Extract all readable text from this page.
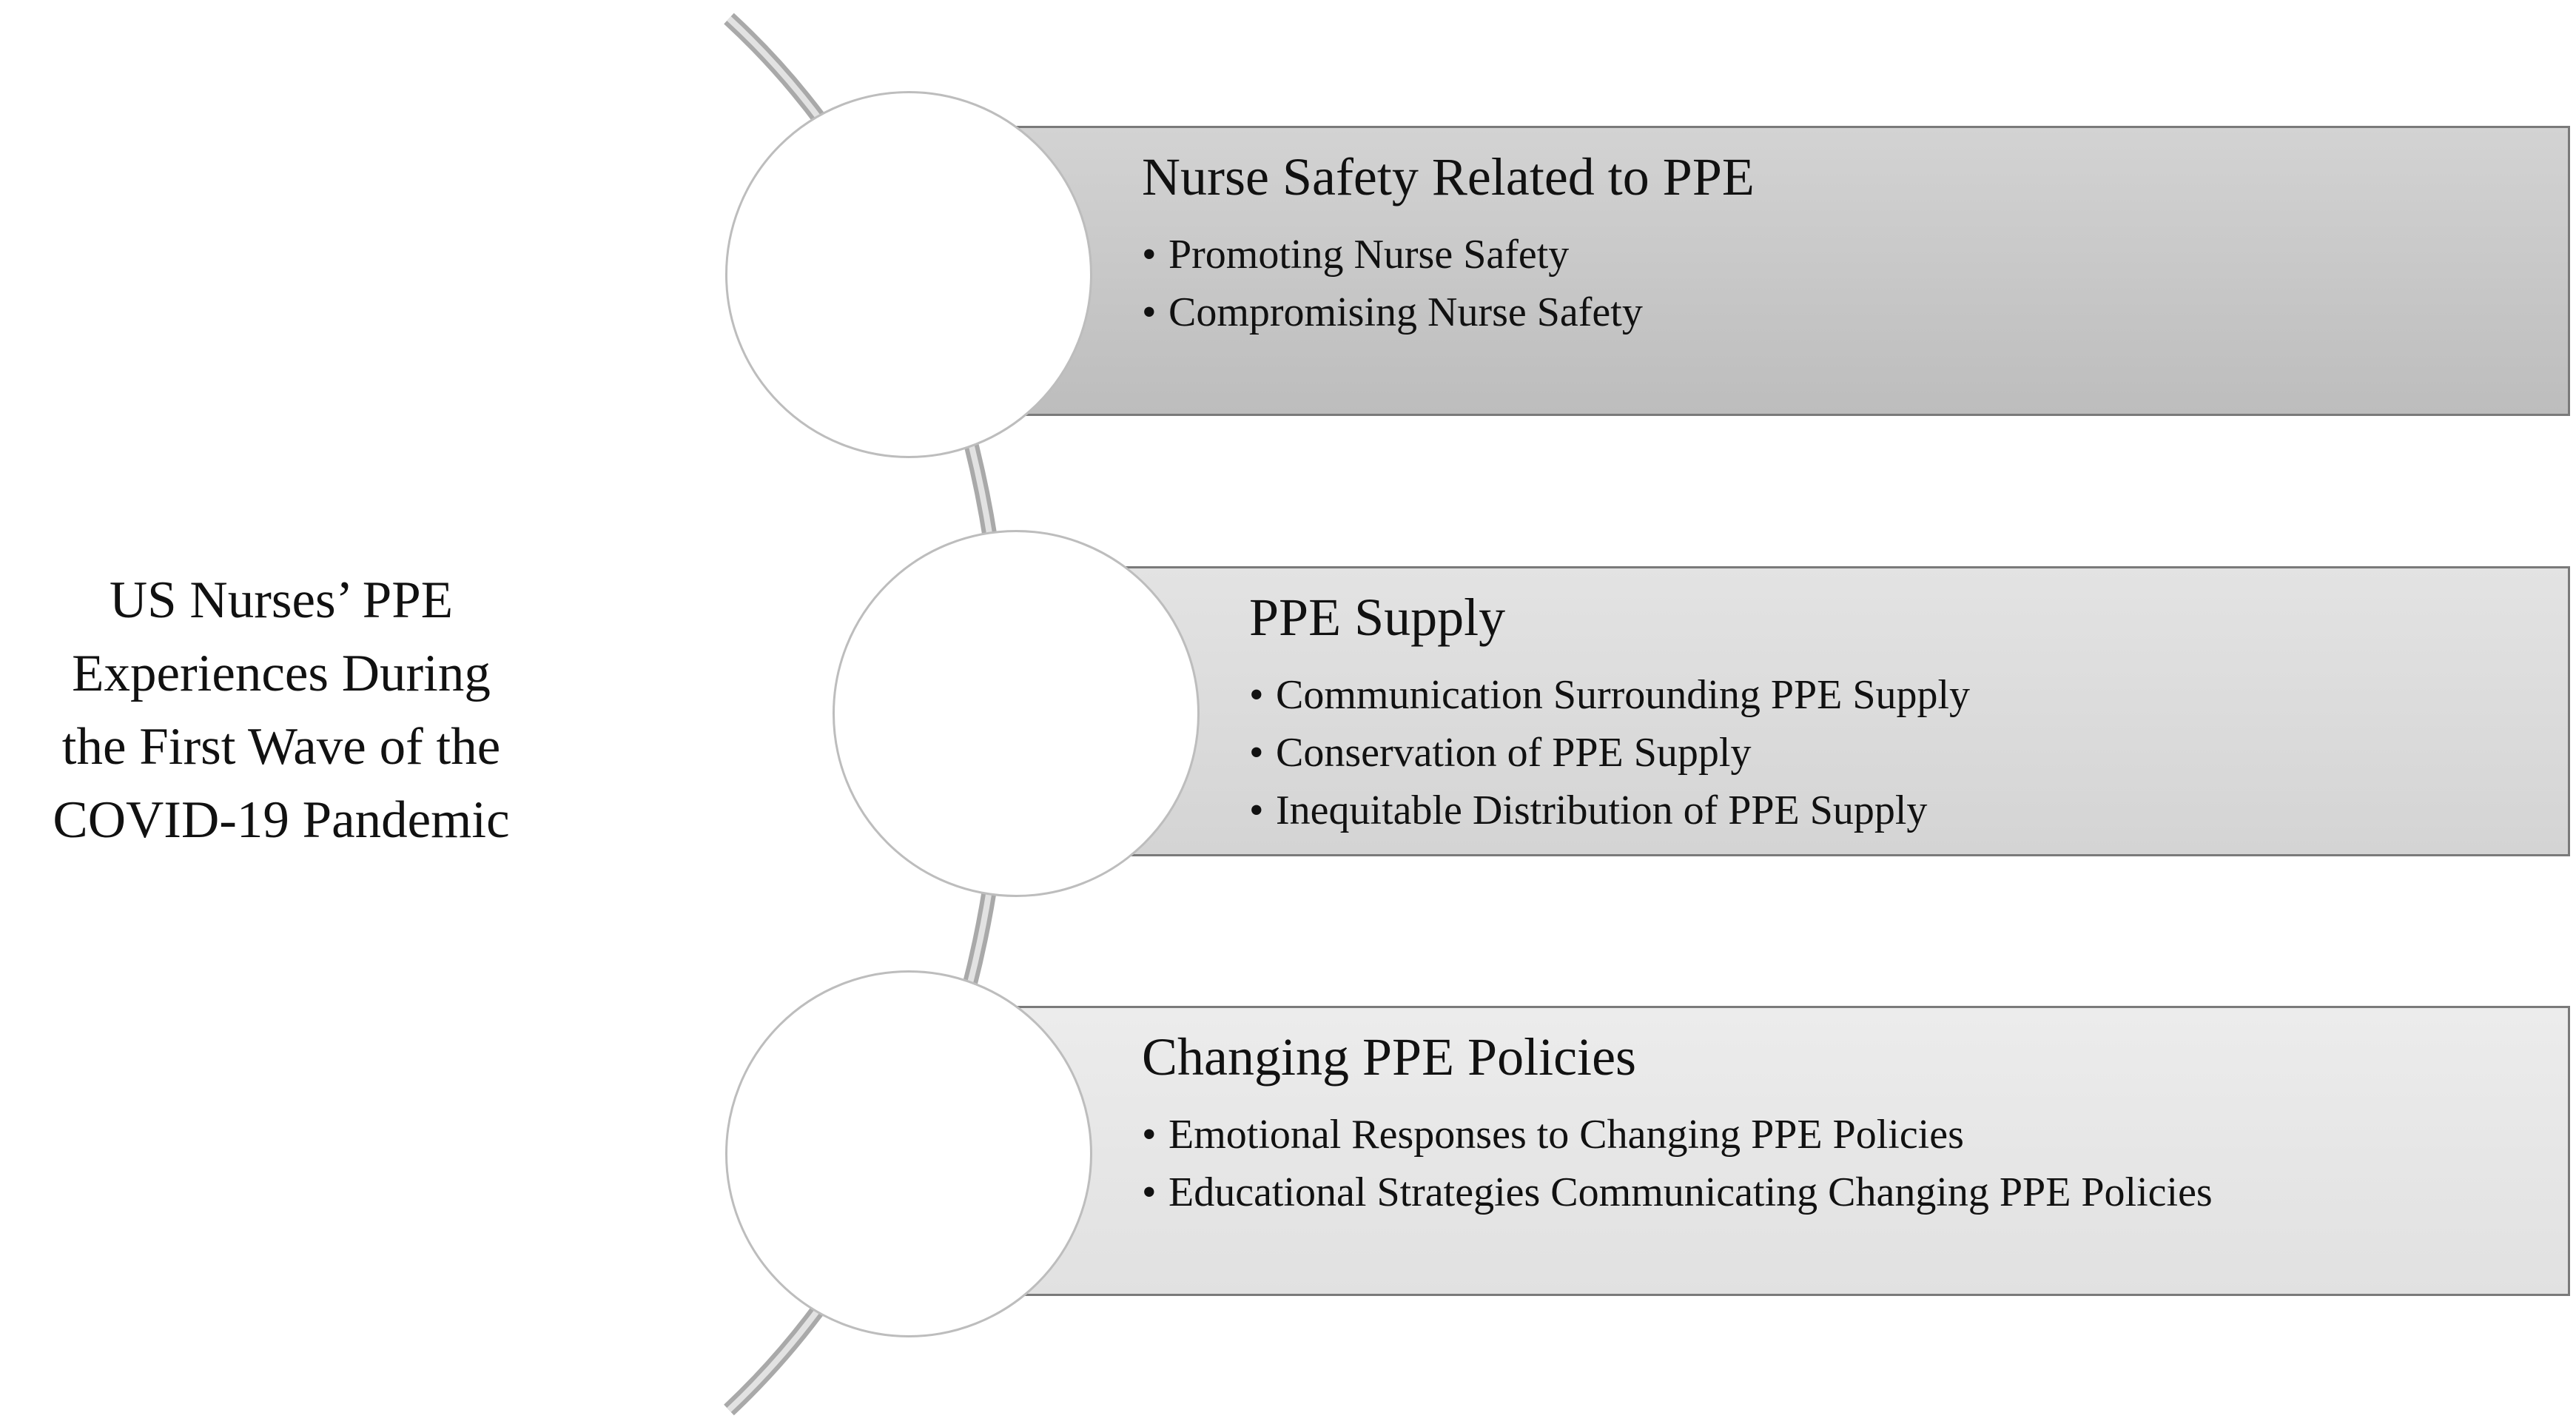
US Nurses’ PPE
Experiences During
the First Wave of the
COVID-19 Pandemic
Nurse Safety Related to PPE
• Promoting Nurse Safety
• Compromising Nurse Safety
PPE Supply
• Communication Surrounding PPE Supply
• Conservation of PPE Supply
• Inequitable Distribution of PPE Supply
Changing PPE Policies
• Emotional Responses to Changing PPE Policies
• Educational Strategies Communicating Changing PPE Policies
